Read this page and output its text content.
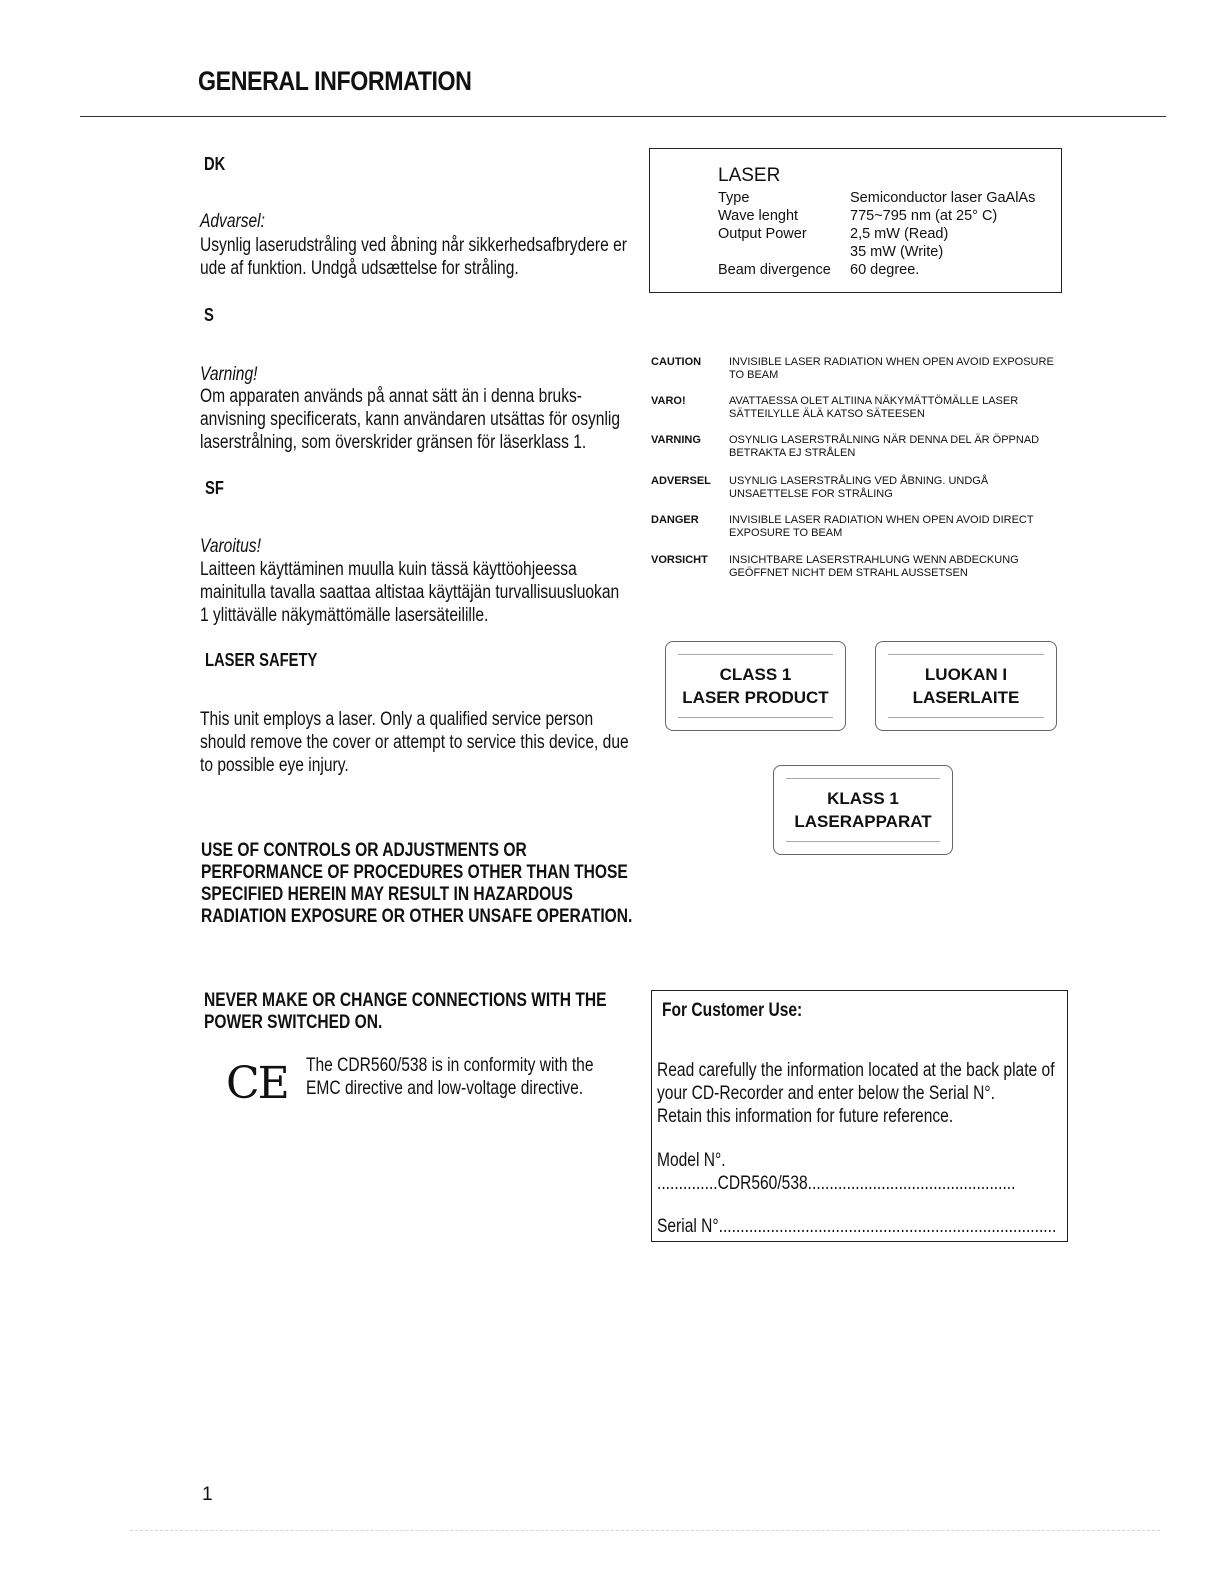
GENERAL INFORMATION
DK
Advarsel:
Usynlig laserudstråling ved åbning når sikkerhedsafbrydere er
ude af funktion. Undgå udsættelse for stråling.
S
Varning!
Om apparaten används på annat sätt än i denna bruks-
anvisning specificerats, kann användaren utsättas för osynlig
laserstrålning, som överskrider gränsen för läserklass 1.
SF
Varoitus!
Laitteen käyttäminen muulla kuin tässä käyttöohjeessa
mainitulla tavalla saattaa altistaa käyttäjän turvallisuusluokan
1 ylittävälle näkymättömälle lasersäteilille.
LASER SAFETY
This unit employs a laser. Only a qualified service person
should remove the cover or attempt to service this device, due
to possible eye injury.
USE OF CONTROLS OR ADJUSTMENTS OR
PERFORMANCE OF PROCEDURES OTHER THAN THOSE
SPECIFIED HEREIN MAY RESULT IN HAZARDOUS
RADIATION EXPOSURE OR OTHER UNSAFE OPERATION.
NEVER MAKE OR CHANGE CONNECTIONS WITH THE
POWER SWITCHED ON.
CE The CDR560/538 is in conformity with the
EMC directive and low-voltage directive.
LASER
Type	Semiconductor laser GaAlAs
Wave lenght	775~795 nm (at 25° C)
Output Power	2,5 mW (Read)
35 mW (Write)
Beam divergence	60 degree.
CAUTION	INVISIBLE LASER RADIATION WHEN OPEN AVOID EXPOSURE
TO BEAM
VARO!	AVATTAESSA OLET ALTIINA NÄKYMÄTTÖMÄLLE LASER
SÄTTEILYLLE ÄLÄ KATSO SÄTEESEN
VARNING	OSYNLIG LASERSTRÅLNING NÄR DENNA DEL ÄR ÖPPNAD
BETRAKTA EJ STRÅLEN
ADVERSEL	USYNLIG LASERSTRÅLING VED ÅBNING. UNDGÅ
UNSAETTELSE FOR STRÅLING
DANGER	INVISIBLE LASER RADIATION WHEN OPEN AVOID DIRECT
EXPOSURE TO BEAM
VORSICHT	INSICHTBARE LASERSTRAHLUNG WENN ABDECKUNG
GEÖFFNET NICHT DEM STRAHL AUSSETSEN
CLASS 1
LASER PRODUCT
LUOKAN I
LASERLAITE
KLASS 1
LASERAPPARAT
For Customer Use:
Read carefully the information located at the back plate of
your CD-Recorder and enter below the Serial N°.
Retain this information for future reference.
Model N°.
..............CDR560/538................................................
Serial N°..............................................................................
1
